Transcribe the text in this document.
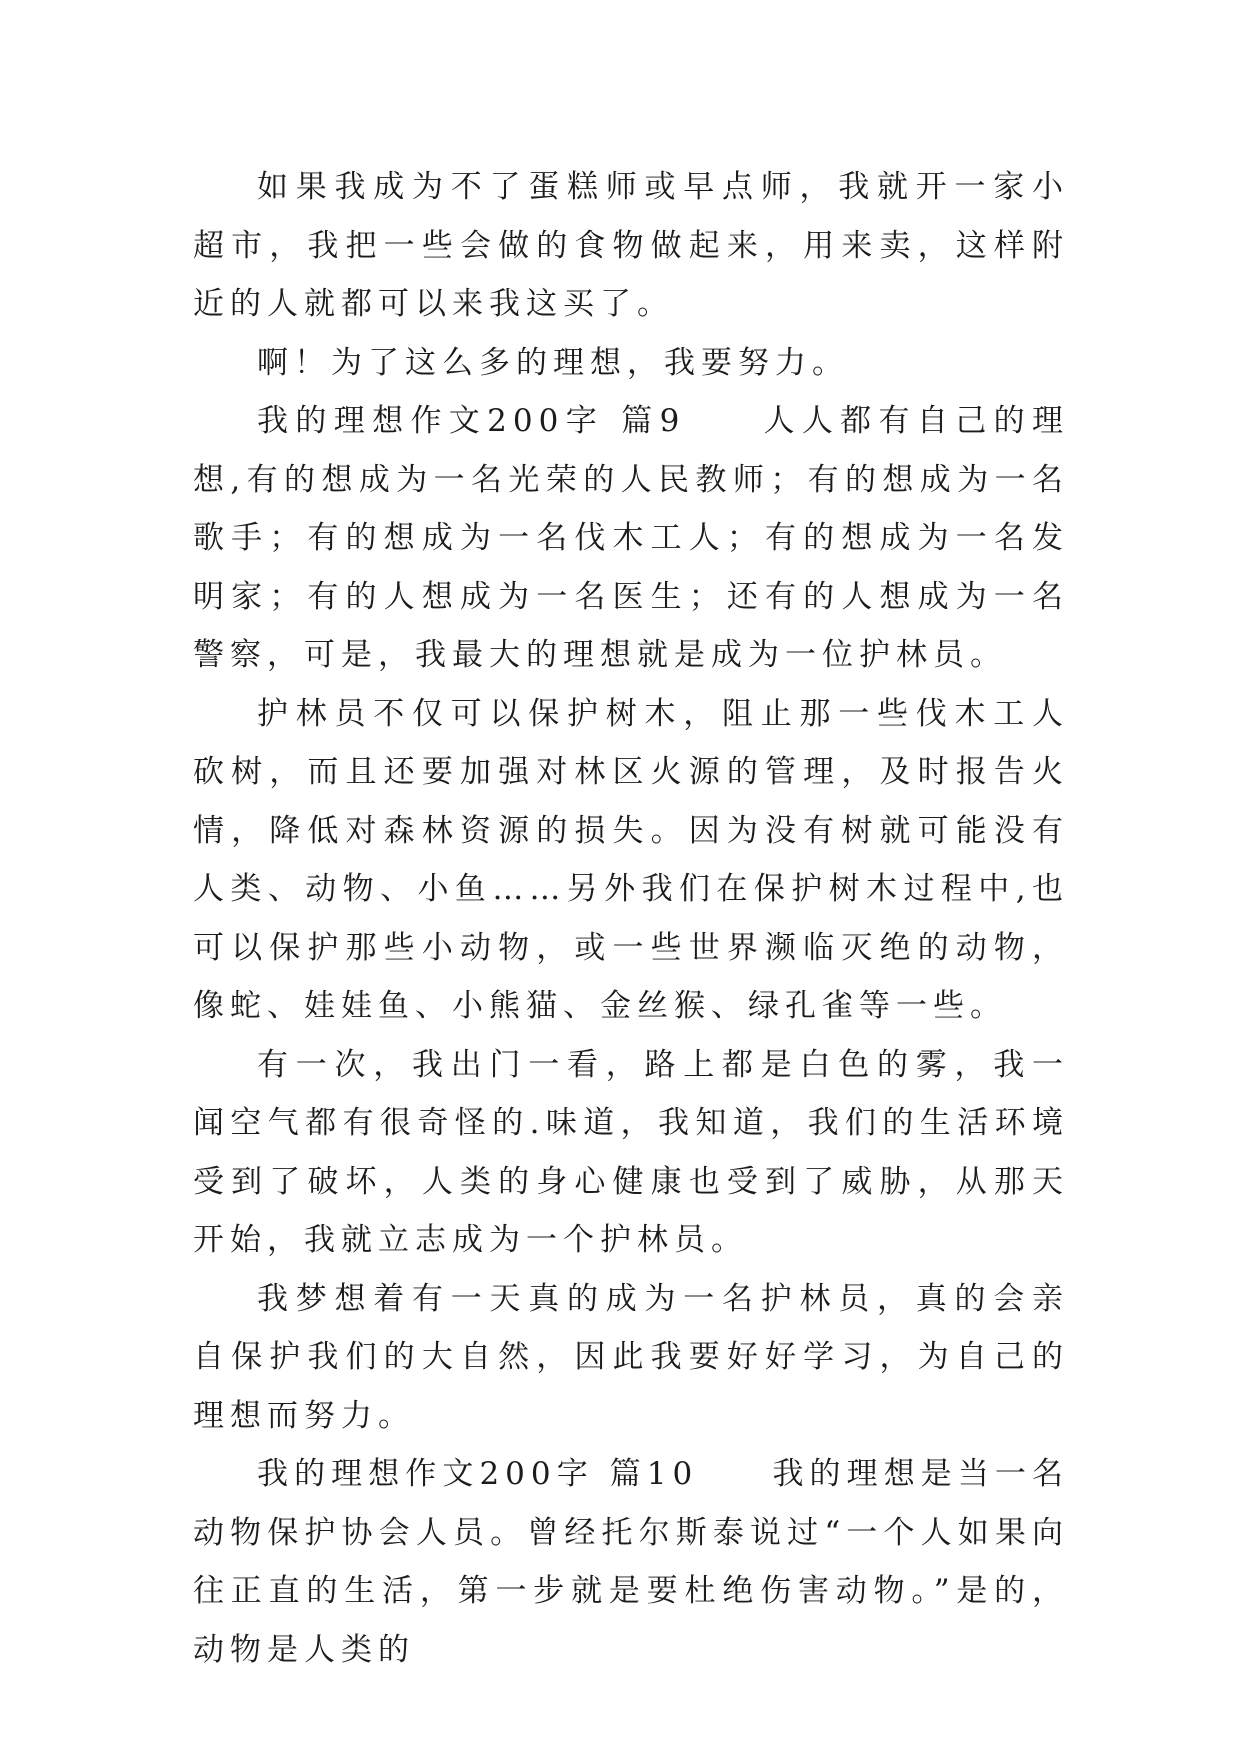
如果我成为不了蛋糕师或早点师，我就开一家小超市，我把一些会做的食物做起来，用来卖，这样附近的人就都可以来我这买了。

啊！为了这么多的理想，我要努力。

我的理想作文200字 篇9　　人人都有自己的理想,有的想成为一名光荣的人民教师；有的想成为一名歌手；有的想成为一名伐木工人；有的想成为一名发明家；有的人想成为一名医生；还有的人想成为一名警察，可是，我最大的理想就是成为一位护林员。

护林员不仅可以保护树木，阻止那一些伐木工人砍树，而且还要加强对林区火源的管理，及时报告火情，降低对森林资源的损失。因为没有树就可能没有人类、动物、小鱼……另外我们在保护树木过程中,也可以保护那些小动物，或一些世界濒临灭绝的动物，像蛇、娃娃鱼、小熊猫、金丝猴、绿孔雀等一些。

有一次，我出门一看，路上都是白色的雾，我一闻空气都有很奇怪的.味道，我知道，我们的生活环境受到了破坏，人类的身心健康也受到了威胁，从那天开始，我就立志成为一个护林员。

我梦想着有一天真的成为一名护林员，真的会亲自保护我们的大自然，因此我要好好学习，为自己的理想而努力。

我的理想作文200字 篇10　　我的理想是当一名动物保护协会人员。曾经托尔斯泰说过“一个人如果向往正直的生活，第一步就是要杜绝伤害动物。”是的，动物是人类的
